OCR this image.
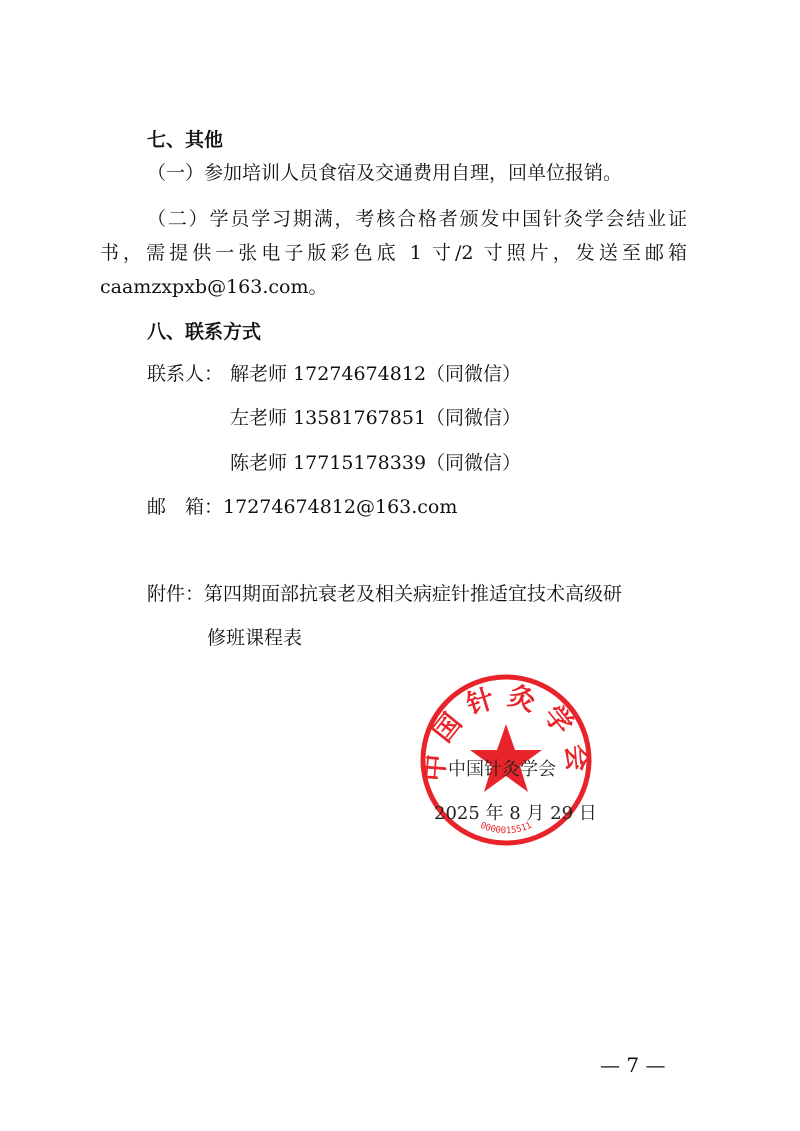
七、其他
（一）参加培训人员食宿及交通费用自理，回单位报销。
（二）学员学习期满，考核合格者颁发中国针灸学会结业证
书，需提供一张电子版彩色底 1 寸/2 寸照片，发送至邮箱
caamzxpxb@163.com。
八、联系方式
联系人： 解老师 17274674812（同微信）
左老师 13581767851（同微信）
陈老师 17715178339（同微信）
邮　箱：17274674812@163.com
附件：第四期面部抗衰老及相关病症针推适宜技术高级研
修班课程表
中国针灸学会
0000015511
中国针灸学会
2025 年 8 月 29 日
— 7 —
